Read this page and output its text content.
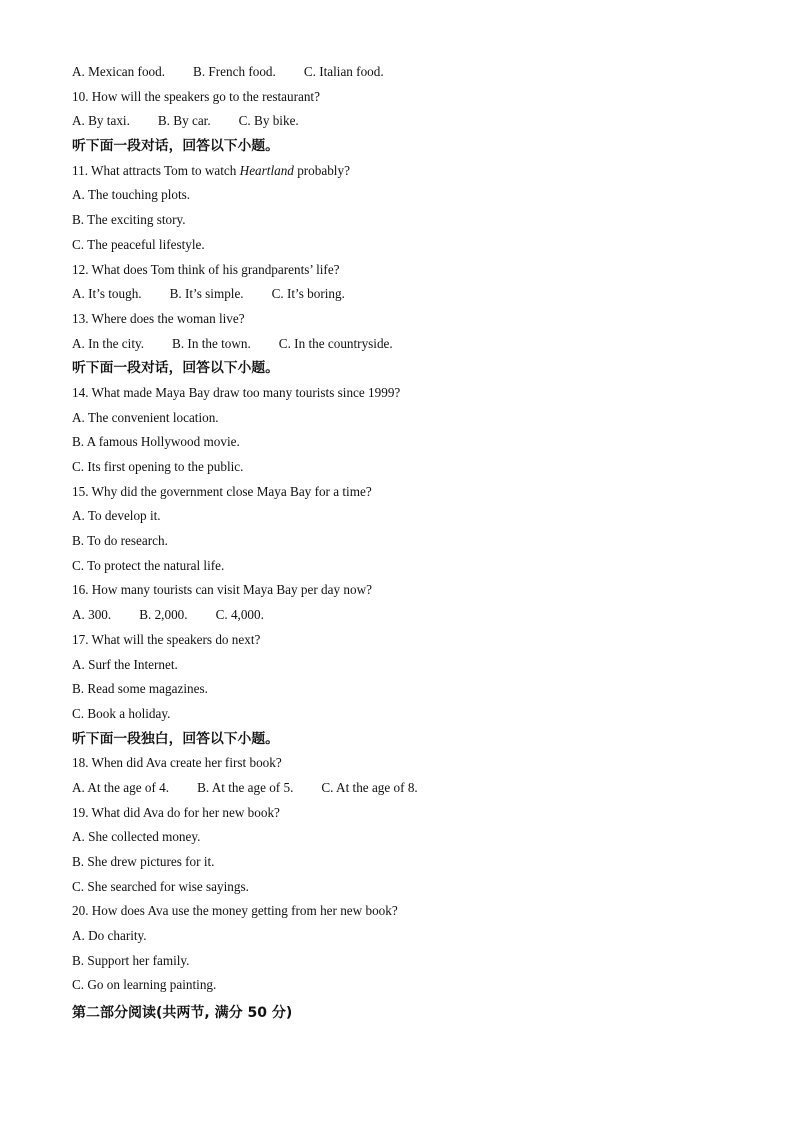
A. Mexican food. B. French food. C. Italian food.
10. How will the speakers go to the restaurant?
A. By taxi. B. By car. C. By bike.
听下面一段对话，回答以下小题。
11. What attracts Tom to watch Heartland probably?
A. The touching plots.
B. The exciting story.
C. The peaceful lifestyle.
12. What does Tom think of his grandparents’ life?
A. It’s tough. B. It’s simple. C. It’s boring.
13. Where does the woman live?
A. In the city. B. In the town. C. In the countryside.
听下面一段对话，回答以下小题。
14. What made Maya Bay draw too many tourists since 1999?
A. The convenient location.
B. A famous Hollywood movie.
C. Its first opening to the public.
15. Why did the government close Maya Bay for a time?
A. To develop it.
B. To do research.
C. To protect the natural life.
16. How many tourists can visit Maya Bay per day now?
A. 300. B. 2,000. C. 4,000.
17. What will the speakers do next?
A. Surf the Internet.
B. Read some magazines.
C. Book a holiday.
听下面一段独白，回答以下小题。
18. When did Ava create her first book?
A. At the age of 4. B. At the age of 5. C. At the age of 8.
19. What did Ava do for her new book?
A. She collected money.
B. She drew pictures for it.
C. She searched for wise sayings.
20. How does Ava use the money getting from her new book?
A. Do charity.
B. Support her family.
C. Go on learning painting.
第二部分阅读(共两节, 满分 50 分)
